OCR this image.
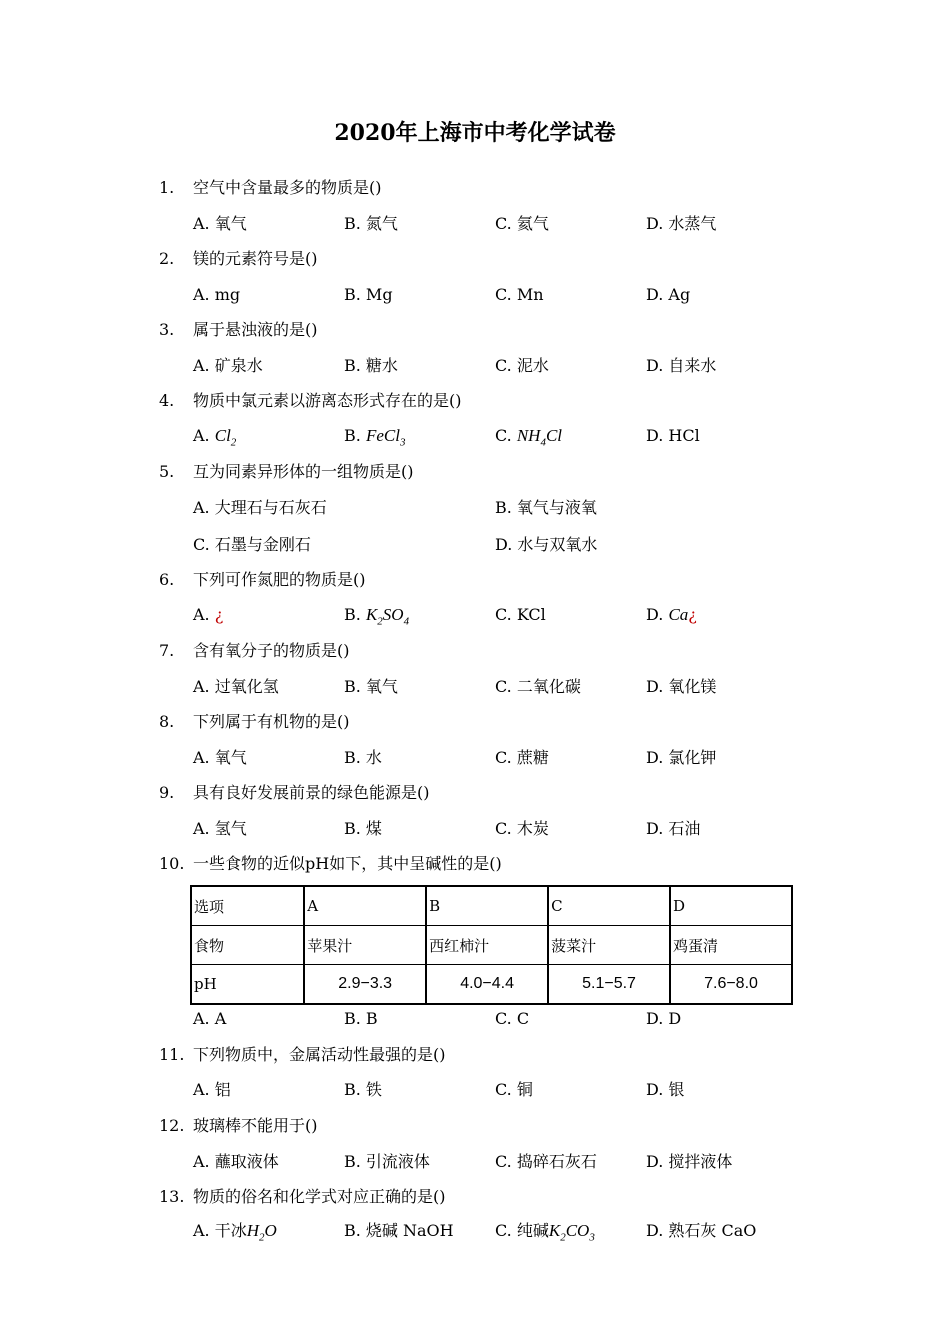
2020年上海市中考化学试卷
1. 空气中含量最多的物质是()
A. 氧气	B. 氮气	C. 氦气	D. 水蒸气
2. 镁的元素符号是()
A. mg	B. Mg	C. Mn	D. Ag
3. 属于悬浊液的是()
A. 矿泉水	B. 糖水	C. 泥水	D. 自来水
4. 物质中氯元素以游离态形式存在的是()
A. $Cl_2$	B. FeCl$_3$	C. $NH_4Cl$	D. HCl
5. 互为同素异形体的一组物质是()
A. 大理石与石灰石	B. 氧气与液氧
C. 石墨与金刚石	D. 水与双氧水
6. 下列可作氮肥的物质是()
A. ¿	B. $K_2SO_4$	C. KCl	D. Ca¿
7. 含有氧分子的物质是()
A. 过氧化氢	B. 氧气	C. 二氧化碳	D. 氧化镁
8. 下列属于有机物的是()
A. 氧气	B. 水	C. 蔗糖	D. 氯化钾
9. 具有良好发展前景的绿色能源是()
A. 氢气	B. 煤	C. 木炭	D. 石油
10. 一些食物的近似pH如下，其中呈碱性的是()
选项	A	B	C	D
食物	苹果汁	西红柿汁	菠菜汁	鸡蛋清
pH	2.9−3.3	4.0−4.4	5.1−5.7	7.6−8.0
A. A	B. B	C. C	D. D
11. 下列物质中，金属活动性最强的是()
A. 铝	B. 铁	C. 铜	D. 银
12. 玻璃棒不能用于()
A. 蘸取液体	B. 引流液体	C. 捣碎石灰石	D. 搅拌液体
13. 物质的俗名和化学式对应正确的是()
A. 干冰$H_2O$	B. 烧碱 NaOH	C. 纯碱$K_2CO_3$	D. 熟石灰 CaO
